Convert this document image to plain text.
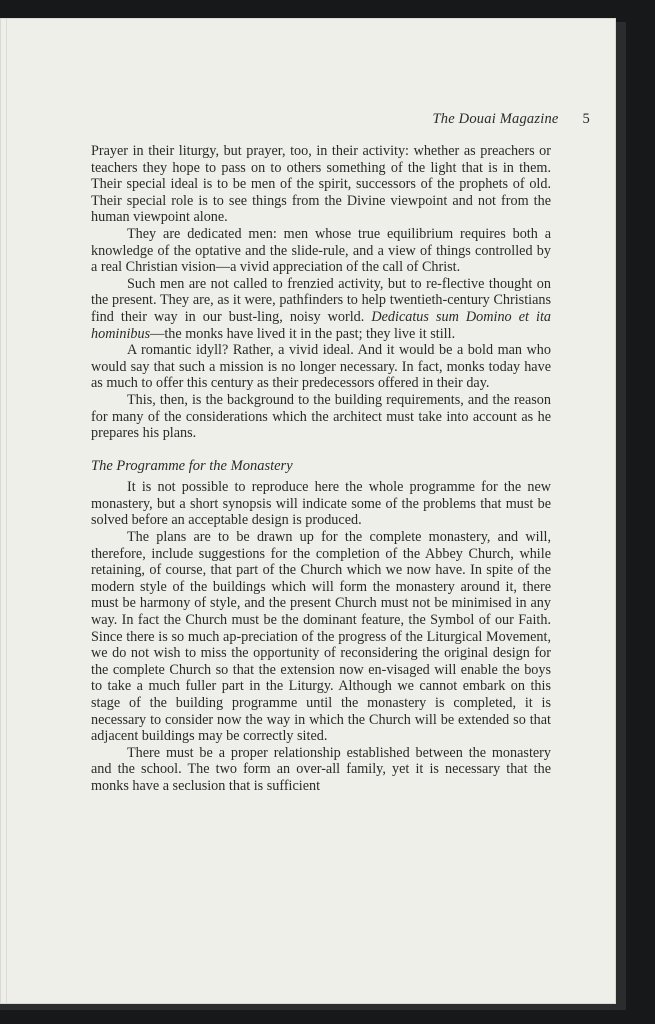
The Douai Magazine 5

Prayer in their liturgy, but prayer, too, in their activity: whether as preachers or teachers they hope to pass on to others something of the light that is in them. Their special ideal is to be men of the spirit, successors of the prophets of old. Their special role is to see things from the Divine viewpoint and not from the human viewpoint alone.

They are dedicated men: men whose true equilibrium requires both a knowledge of the optative and the slide-rule, and a view of things controlled by a real Christian vision—a vivid appreciation of the call of Christ.

Such men are not called to frenzied activity, but to re-flective thought on the present. They are, as it were, pathfinders to help twentieth-century Christians find their way in our bust-ling, noisy world. Dedicatus sum Domino et ita hominibus—the monks have lived it in the past; they live it still.

A romantic idyll? Rather, a vivid ideal. And it would be a bold man who would say that such a mission is no longer necessary. In fact, monks today have as much to offer this century as their predecessors offered in their day.

This, then, is the background to the building requirements, and the reason for many of the considerations which the architect must take into account as he prepares his plans.

The Programme for the Monastery

It is not possible to reproduce here the whole programme for the new monastery, but a short synopsis will indicate some of the problems that must be solved before an acceptable design is produced.

The plans are to be drawn up for the complete monastery, and will, therefore, include suggestions for the completion of the Abbey Church, while retaining, of course, that part of the Church which we now have. In spite of the modern style of the buildings which will form the monastery around it, there must be harmony of style, and the present Church must not be minimised in any way. In fact the Church must be the dominant feature, the Symbol of our Faith. Since there is so much ap-preciation of the progress of the Liturgical Movement, we do not wish to miss the opportunity of reconsidering the original design for the complete Church so that the extension now en-visaged will enable the boys to take a much fuller part in the Liturgy. Although we cannot embark on this stage of the building programme until the monastery is completed, it is necessary to consider now the way in which the Church will be extended so that adjacent buildings may be correctly sited.

There must be a proper relationship established between the monastery and the school. The two form an over-all family, yet it is necessary that the monks have a seclusion that is sufficient
